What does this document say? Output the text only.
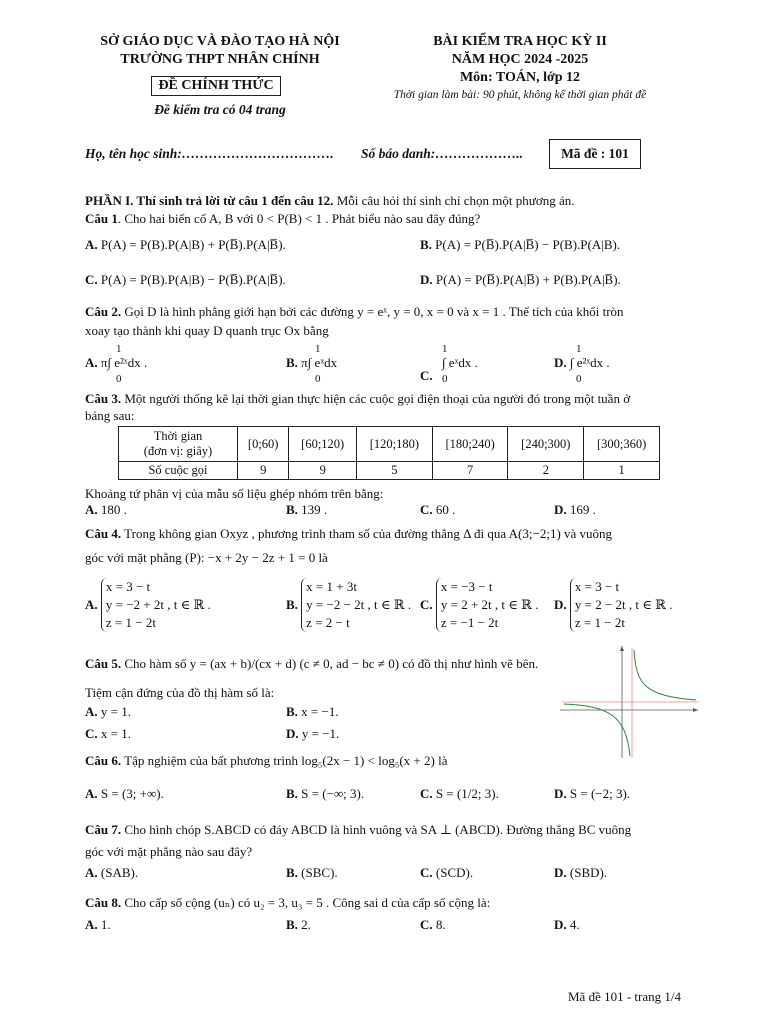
SỞ GIÁO DỤC VÀ ĐÀO TẠO HÀ NỘI
TRƯỜNG THPT NHÂN CHÍNH
ĐỀ CHÍNH THỨC
Đề kiểm tra có 04 trang
BÀI KIỂM TRA HỌC KỲ II
NĂM HỌC 2024 -2025
Môn: TOÁN, lớp 12
Thời gian làm bài: 90 phút, không kể thời gian phát đề
Họ, tên học sinh:……………………………. Số báo danh:………………..	Mã đề : 101
PHẦN I. Thí sinh trả lời từ câu 1 đến câu 12. Mỗi câu hỏi thí sinh chỉ chọn một phương án.
Câu 1. Cho hai biến cố A, B với 0 < P(B) < 1 . Phát biểu nào sau đây đúng?
A. P(A) = P(B).P(A|B) + P(B̅).P(A|B̅).	B. P(A) = P(B̅).P(A|B̅) − P(B).P(A|B).
C. P(A) = P(B).P(A|B) − P(B̅).P(A|B̅).	D. P(A) = P(B̅).P(A|B̅) + P(B).P(A|B̅).
Câu 2. Gọi D là hình phẳng giới hạn bởi các đường y = eˣ, y = 0, x = 0 và x = 1 . Thể tích của khối tròn
xoay tạo thành khi quay D quanh trục Ox bằng
A. π∫ e²ˣdx .
1
0
B. π∫ eˣdx
1
0	C.
∫ eˣdx .
1
0
D. ∫ e²ˣdx .
1
0
Câu 3. Một người thống kê lại thời gian thực hiện các cuộc gọi điện thoại của người đó trong một tuần ở
bảng sau:
Thời gian
(đơn vị: giây)	[0;60)	[60;120)	[120;180)	[180;240)	[240;300)	[300;360)
Số cuộc gọi	9	9	5	7	2	1
Khoảng tứ phân vị của mẫu số liệu ghép nhóm trên bằng:
A. 180 .	B. 139 .	C. 60 .	D. 169 .
Câu 4. Trong không gian Oxyz , phương trình tham số của đường thẳng Δ đi qua A(3;−2;1) và vuông
góc với mặt phẳng (P): −x + 2y − 2z + 1 = 0 là
A.
x = 3 − t
y = −2 + 2t , t ∈ ℝ .
z = 1 − 2t
B.
x = 1 + 3t
y = −2 − 2t , t ∈ ℝ .
z = 2 − t
C.
x = −3 − t
y = 2 + 2t , t ∈ ℝ .
z = −1 − 2t
D.
x = 3 − t
y = 2 − 2t , t ∈ ℝ .
z = 1 − 2t
Câu 5. Cho hàm số y = (ax + b)/(cx + d) (c ≠ 0, ad − bc ≠ 0) có đồ thị như hình vẽ bên.
Tiệm cận đứng của đồ thị hàm số là:
A. y = 1.	B. x = −1.
C. x = 1.	D. y = −1.
Câu 6. Tập nghiệm của bất phương trình log₅(2x − 1) < log₅(x + 2) là
A. S = (3; +∞).	B. S = (−∞; 3).	C. S = (1/2; 3).	D. S = (−2; 3).
Câu 7. Cho hình chóp S.ABCD có đáy ABCD là hình vuông và SA ⊥ (ABCD). Đường thẳng BC vuông
góc với mặt phẳng nào sau đây?
A. (SAB).	B. (SBC).	C. (SCD).	D. (SBD).
Câu 8. Cho cấp số cộng (uₙ) có u₂ = 3, u₃ = 5 . Công sai d của cấp số cộng là:
A. 1.	B. 2.	C. 8.	D. 4.
Mã đề 101 - trang 1/4
